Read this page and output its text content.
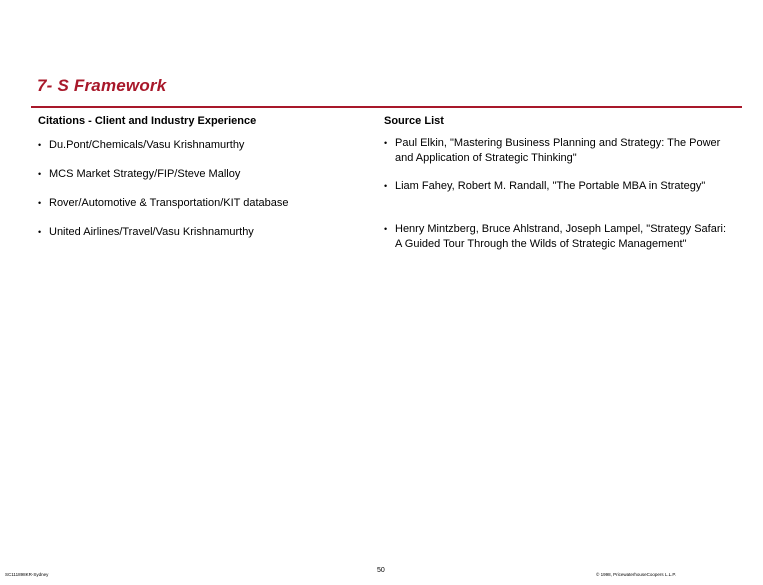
7- S Framework
Citations - Client and Industry Experience	Source List
• Du.Pont/Chemicals/Vasu Krishnamurthy
• MCS Market Strategy/FIP/Steve Malloy
• Rover/Automotive & Transportation/KIT database
• United Airlines/Travel/Vasu Krishnamurthy
• Paul Elkin, "Mastering Business Planning and Strategy: The Power and Application of Strategic Thinking"
• Liam Fahey, Robert M. Randall, "The Portable MBA in Strategy"
• Henry Mintzberg, Bruce Ahlstrand, Joseph Lampel, "Strategy Safari: A Guided Tour Through the Wilds of Strategic Management"
SC111898KR-Sydney
50
© 1998, PricewaterhouseCoopers L.L.P.
